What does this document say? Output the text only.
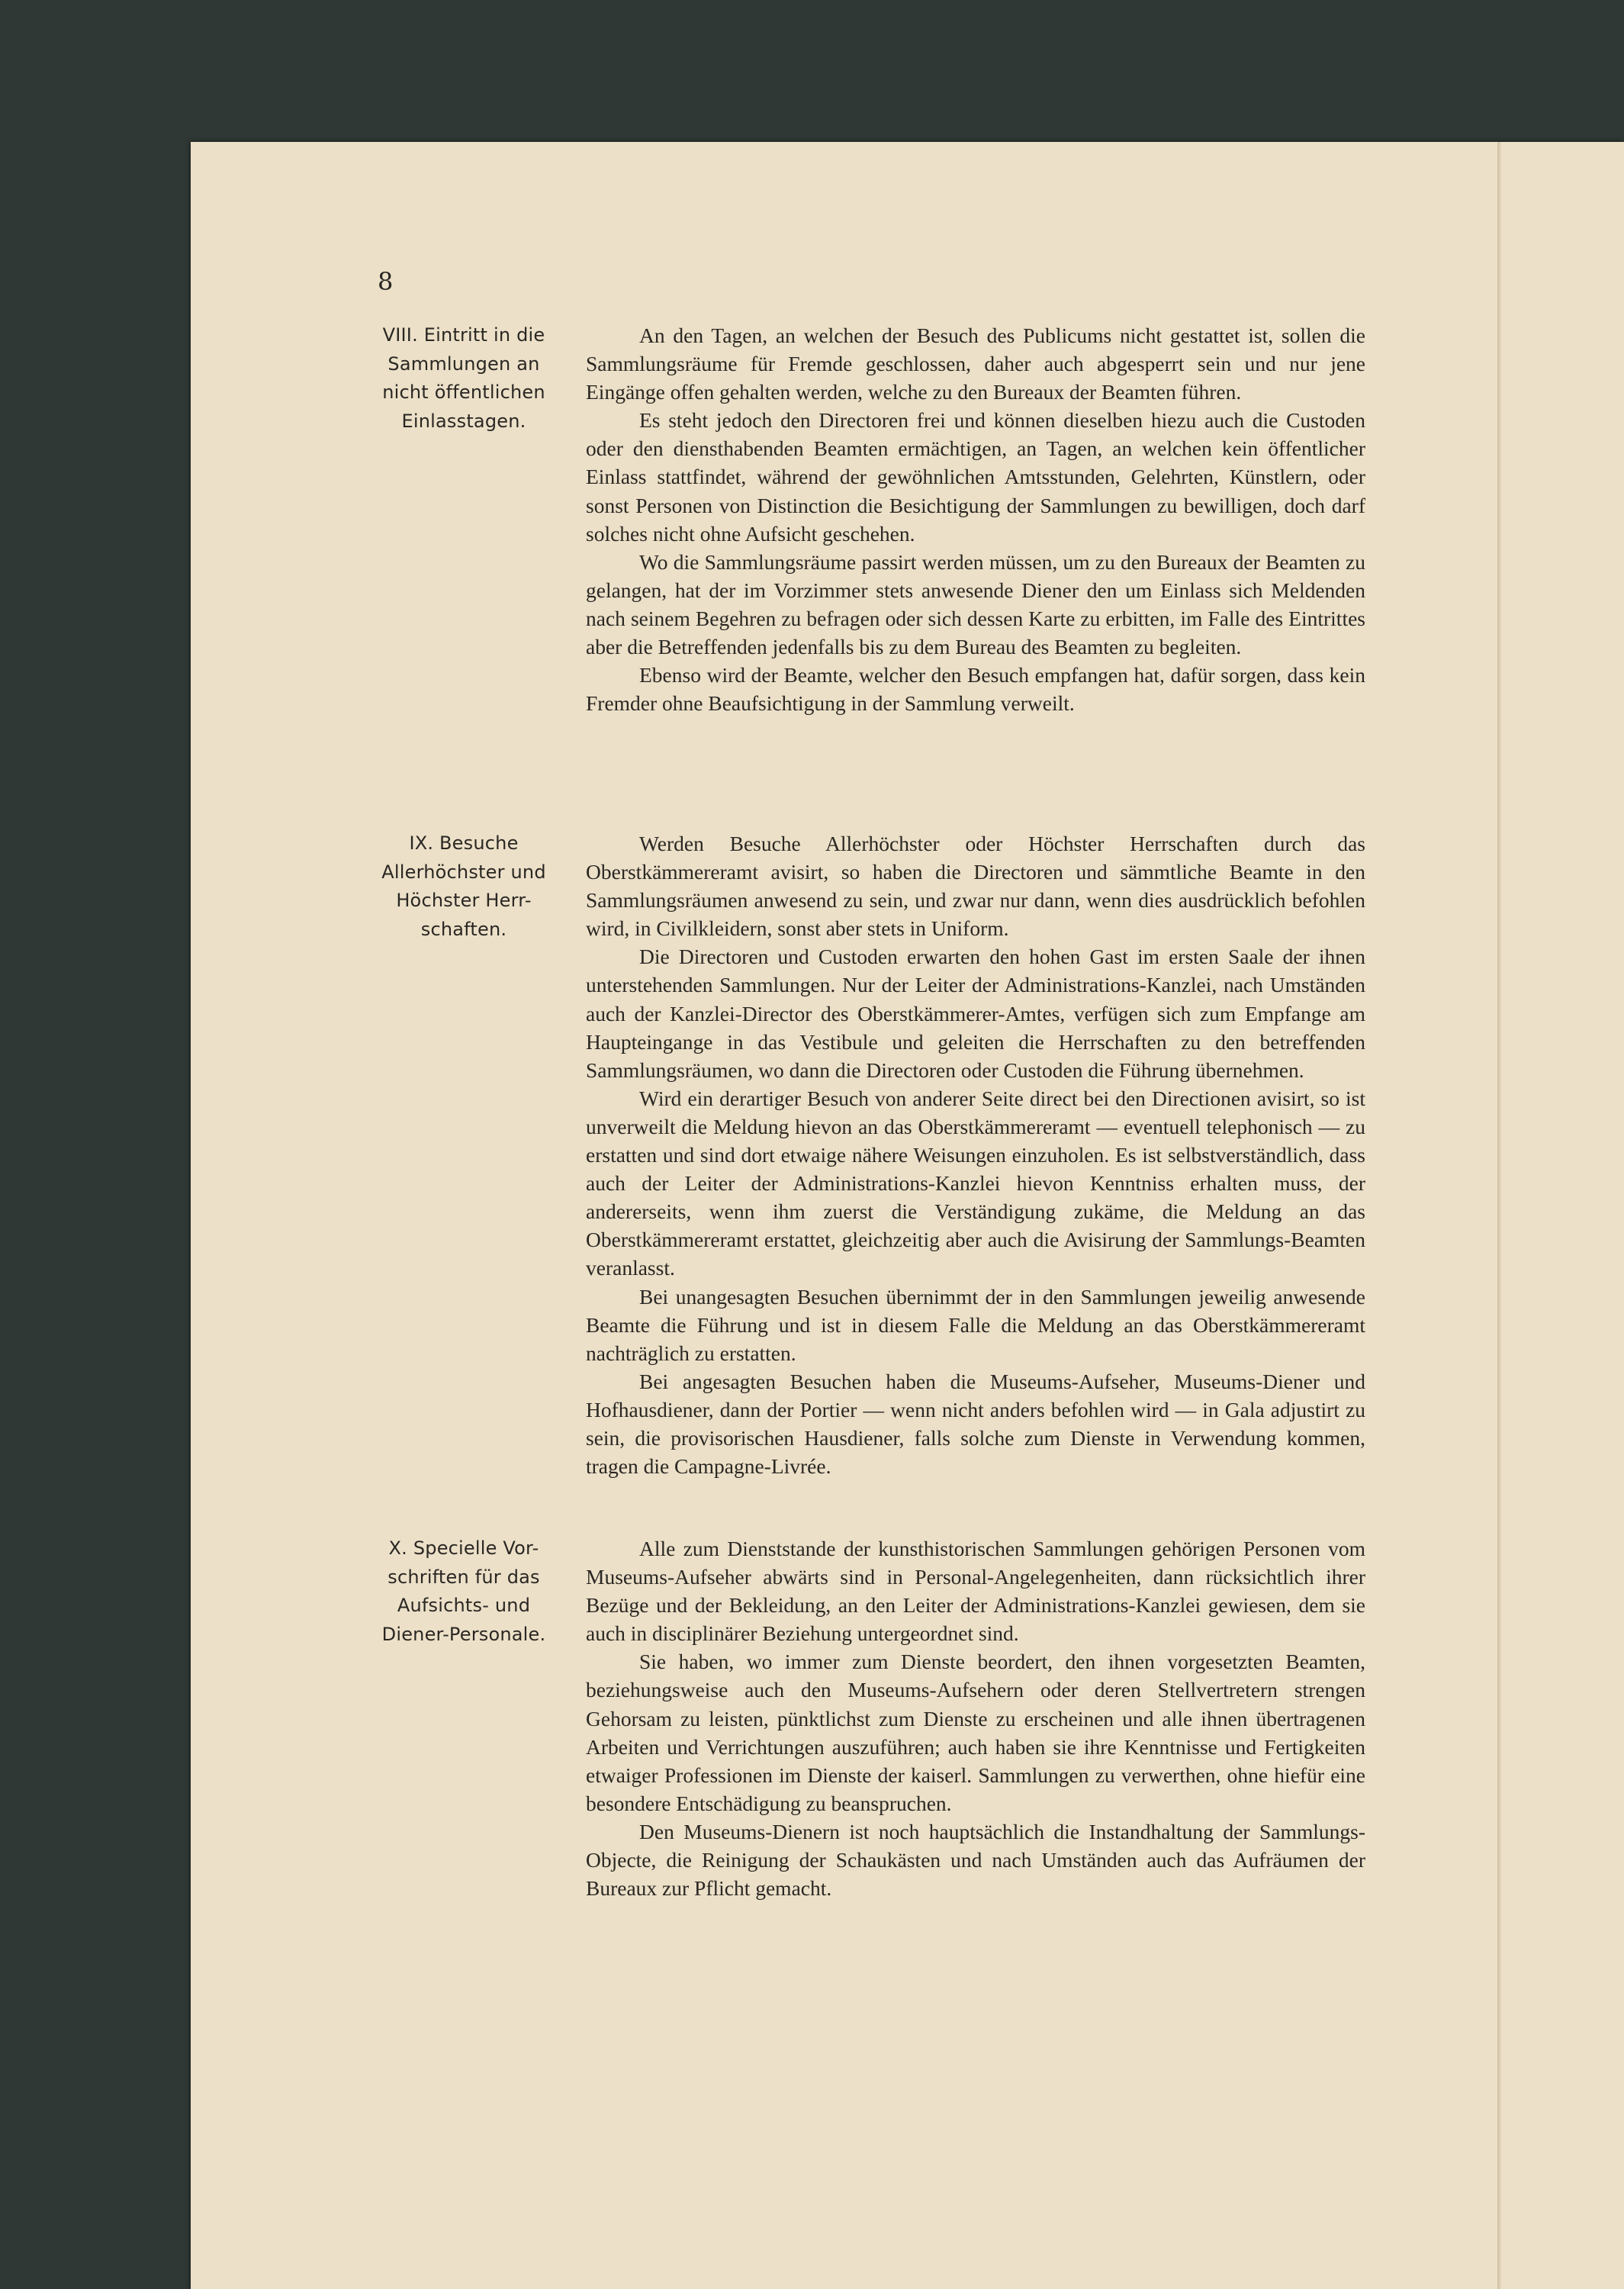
8
VIII. Eintritt in die
Sammlungen an
nicht öffentlichen
Einlasstagen.

An den Tagen, an welchen der Besuch des Publicums nicht gestattet ist, sollen die Sammlungsräume für Fremde geschlossen, daher auch abgesperrt sein und nur jene Eingänge offen gehalten werden, welche zu den Bureaux der Beamten führen.

Es steht jedoch den Directoren frei und können dieselben hiezu auch die Custoden oder den diensthabenden Beamten ermächtigen, an Tagen, an welchen kein öffentlicher Einlass stattfindet, während der gewöhnlichen Amtsstunden, Gelehrten, Künstlern, oder sonst Personen von Distinction die Besichtigung der Sammlungen zu bewilligen, doch darf solches nicht ohne Aufsicht geschehen.

Wo die Sammlungsräume passirt werden müssen, um zu den Bureaux der Beamten zu gelangen, hat der im Vorzimmer stets anwesende Diener den um Einlass sich Meldenden nach seinem Begehren zu befragen oder sich dessen Karte zu erbitten, im Falle des Eintrittes aber die Betreffenden jedenfalls bis zu dem Bureau des Beamten zu begleiten.

Ebenso wird der Beamte, welcher den Besuch empfangen hat, dafür sorgen, dass kein Fremder ohne Beaufsichtigung in der Sammlung verweilt.

IX. Besuche
Allerhöchster und
Höchster Herr-
schaften.

Werden Besuche Allerhöchster oder Höchster Herrschaften durch das Oberstkämmereramt avisirt, so haben die Directoren und sämmtliche Beamte in den Sammlungsräumen anwesend zu sein, und zwar nur dann, wenn dies ausdrücklich befohlen wird, in Civilkleidern, sonst aber stets in Uniform.

Die Directoren und Custoden erwarten den hohen Gast im ersten Saale der ihnen unterstehenden Sammlungen. Nur der Leiter der Administrations-Kanzlei, nach Umständen auch der Kanzlei-Director des Oberstkämmerer-Amtes, verfügen sich zum Empfange am Haupteingange in das Vestibule und geleiten die Herrschaften zu den betreffenden Sammlungsräumen, wo dann die Directoren oder Custoden die Führung übernehmen.

Wird ein derartiger Besuch von anderer Seite direct bei den Directionen avisirt, so ist unverweilt die Meldung hievon an das Oberstkämmereramt — eventuell telephonisch — zu erstatten und sind dort etwaige nähere Weisungen einzuholen. Es ist selbstverständlich, dass auch der Leiter der Administrations-Kanzlei hievon Kenntniss erhalten muss, der andererseits, wenn ihm zuerst die Verständigung zukäme, die Meldung an das Oberstkämmereramt erstattet, gleichzeitig aber auch die Avisirung der Sammlungs-Beamten veranlasst.

Bei unangesagten Besuchen übernimmt der in den Sammlungen jeweilig anwesende Beamte die Führung und ist in diesem Falle die Meldung an das Oberstkämmereramt nachträglich zu erstatten.

Bei angesagten Besuchen haben die Museums-Aufseher, Museums-Diener und Hofhausdiener, dann der Portier — wenn nicht anders befohlen wird — in Gala adjustirt zu sein, die provisorischen Hausdiener, falls solche zum Dienste in Verwendung kommen, tragen die Campagne-Livrée.

X. Specielle Vor-
schriften für das
Aufsichts- und
Diener-Personale.

Alle zum Dienststande der kunsthistorischen Sammlungen gehörigen Personen vom Museums-Aufseher abwärts sind in Personal-Angelegenheiten, dann rücksichtlich ihrer Bezüge und der Bekleidung, an den Leiter der Administrations-Kanzlei gewiesen, dem sie auch in disciplinärer Beziehung untergeordnet sind.

Sie haben, wo immer zum Dienste beordert, den ihnen vorgesetzten Beamten, beziehungsweise auch den Museums-Aufsehern oder deren Stellvertretern strengen Gehorsam zu leisten, pünktlichst zum Dienste zu erscheinen und alle ihnen übertragenen Arbeiten und Verrichtungen auszuführen; auch haben sie ihre Kenntnisse und Fertigkeiten etwaiger Professionen im Dienste der kaiserl. Sammlungen zu verwerthen, ohne hiefür eine besondere Entschädigung zu beanspruchen.

Den Museums-Dienern ist noch hauptsächlich die Instandhaltung der Sammlungs-Objecte, die Reinigung der Schaukästen und nach Umständen auch das Aufräumen der Bureaux zur Pflicht gemacht.
